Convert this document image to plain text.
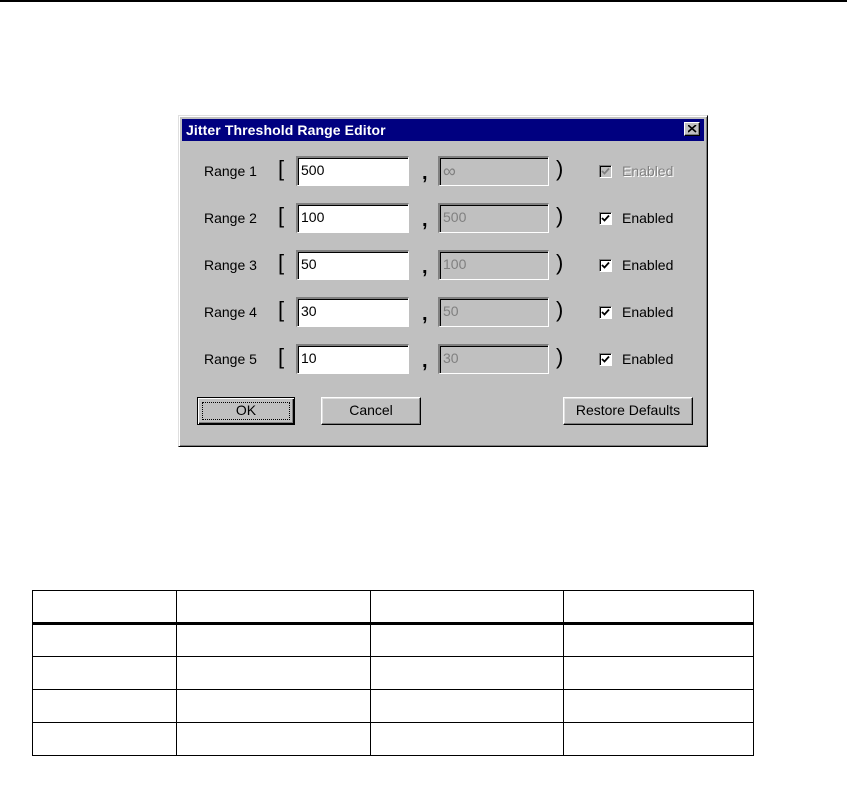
Jitter Threshold Range Editor
Range 1 [	500	, ∞	)	Enabled
Range 2 [	100	,	500	)	Enabled
Range 3 [	50	,	100	)	Enabled
Range 4 [	30	,	50	)	Enabled
Range 5 [	10	,	30	)	Enabled
OK	Cancel	Restore Defaults
